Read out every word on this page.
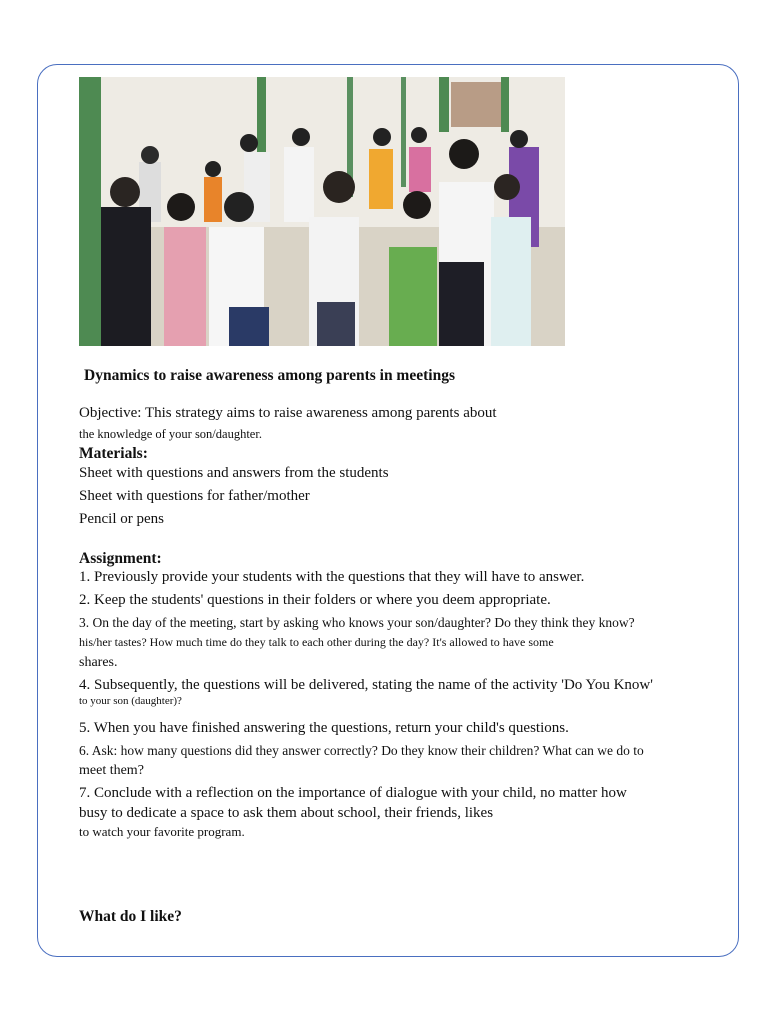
Dynamics to raise awareness among parents in meetings
Objective: This strategy aims to raise awareness among parents about
the knowledge of your son/daughter.
Materials:
Sheet with questions and answers from the students
Sheet with questions for father/mother
Pencil or pens
Assignment:
1. Previously provide your students with the questions that they will have to answer.
2. Keep the students' questions in their folders or where you deem appropriate.
3. On the day of the meeting, start by asking who knows your son/daughter? Do they think they know?
his/her tastes? How much time do they talk to each other during the day? It's allowed to have some
shares.
4. Subsequently, the questions will be delivered, stating the name of the activity 'Do You Know'
to your son (daughter)?
5. When you have finished answering the questions, return your child's questions.
6. Ask: how many questions did they answer correctly? Do they know their children? What can we do to
meet them?
7. Conclude with a reflection on the importance of dialogue with your child, no matter how
busy to dedicate a space to ask them about school, their friends, likes
to watch your favorite program.
What do I like?
